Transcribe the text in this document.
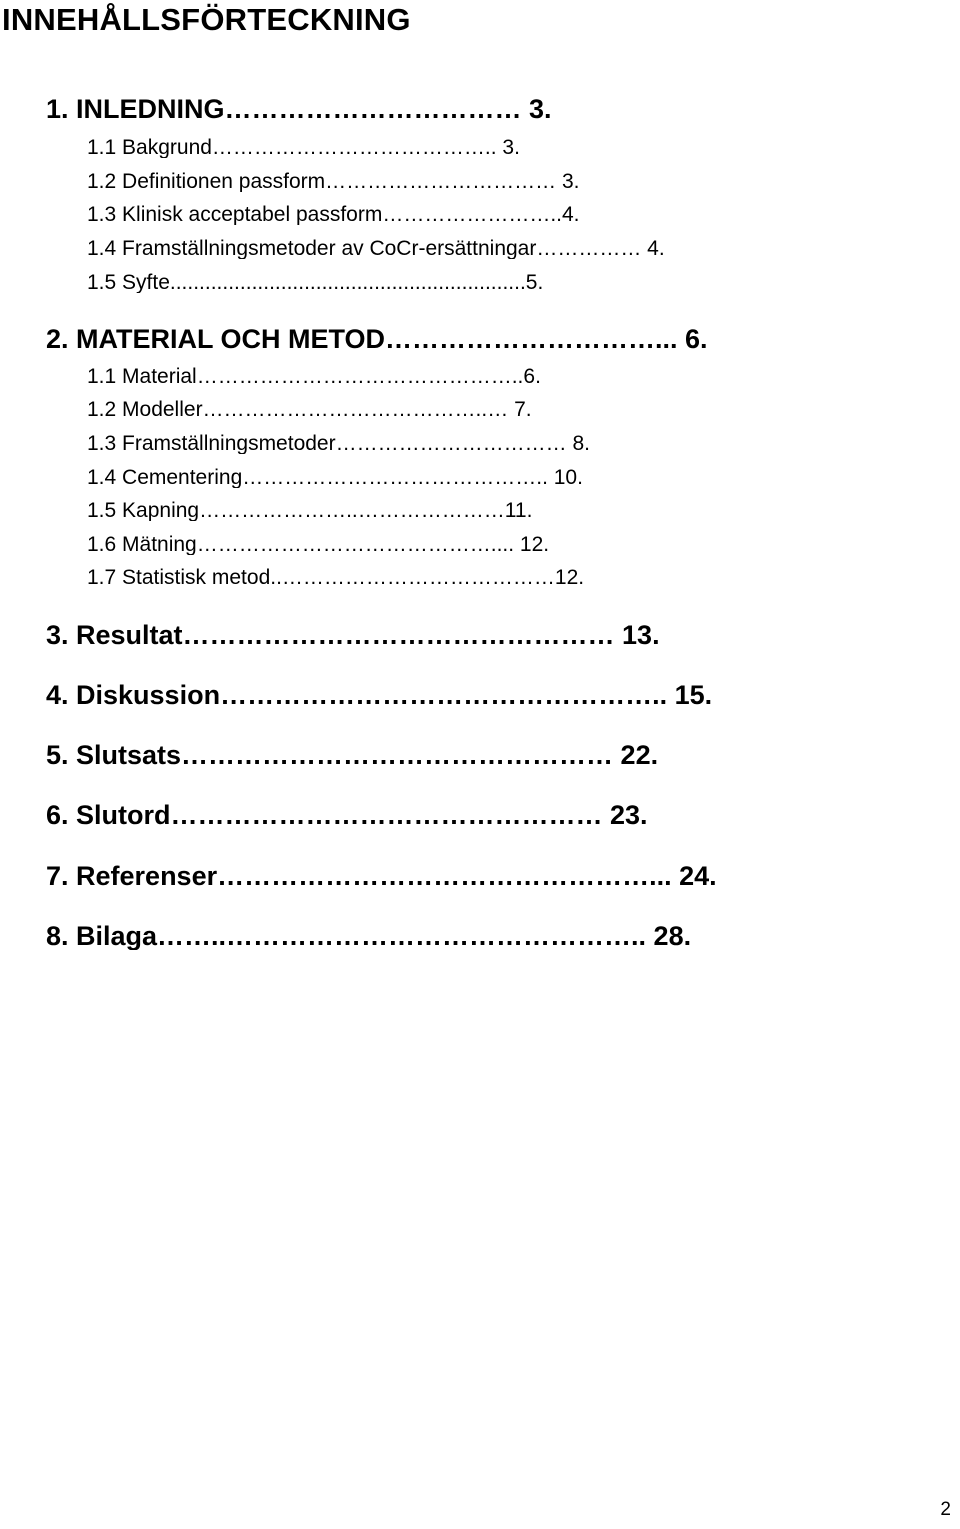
INNEHÅLLSFÖRTECKNING
1. INLEDNING…………………………… 3.
1.1 Bakgrund………………………………….. 3.
1.2 Definitionen passform…………………………… 3.
1.3 Klinisk acceptabel passform……………………..4.
1.4 Framställningsmetoder av CoCr-ersättningar…………… 4.
1.5 Syfte.............................................................5.
2. MATERIAL OCH METOD…………………………... 6.
1.1 Material………………………………………..6.
1.2 Modeller…………………………………..… 7.
1.3 Framställningsmetoder…………………………… 8.
1.4 Cementering…………………………………….. 10.
1.5 Kapning…………………..…………………11.
1.6 Mätning…………………………………….... 12.
1.7 Statistisk metod..…………………………………12.
3. Resultat………………………………………… 13.
4. Diskussion………………………………………….. 15.
5. Slutsats………………………………………… 22.
6. Slutord………………………………………… 23.
7. Referenser…………………………………………... 24.
8. Bilaga……..……………………………………….. 28.
2
